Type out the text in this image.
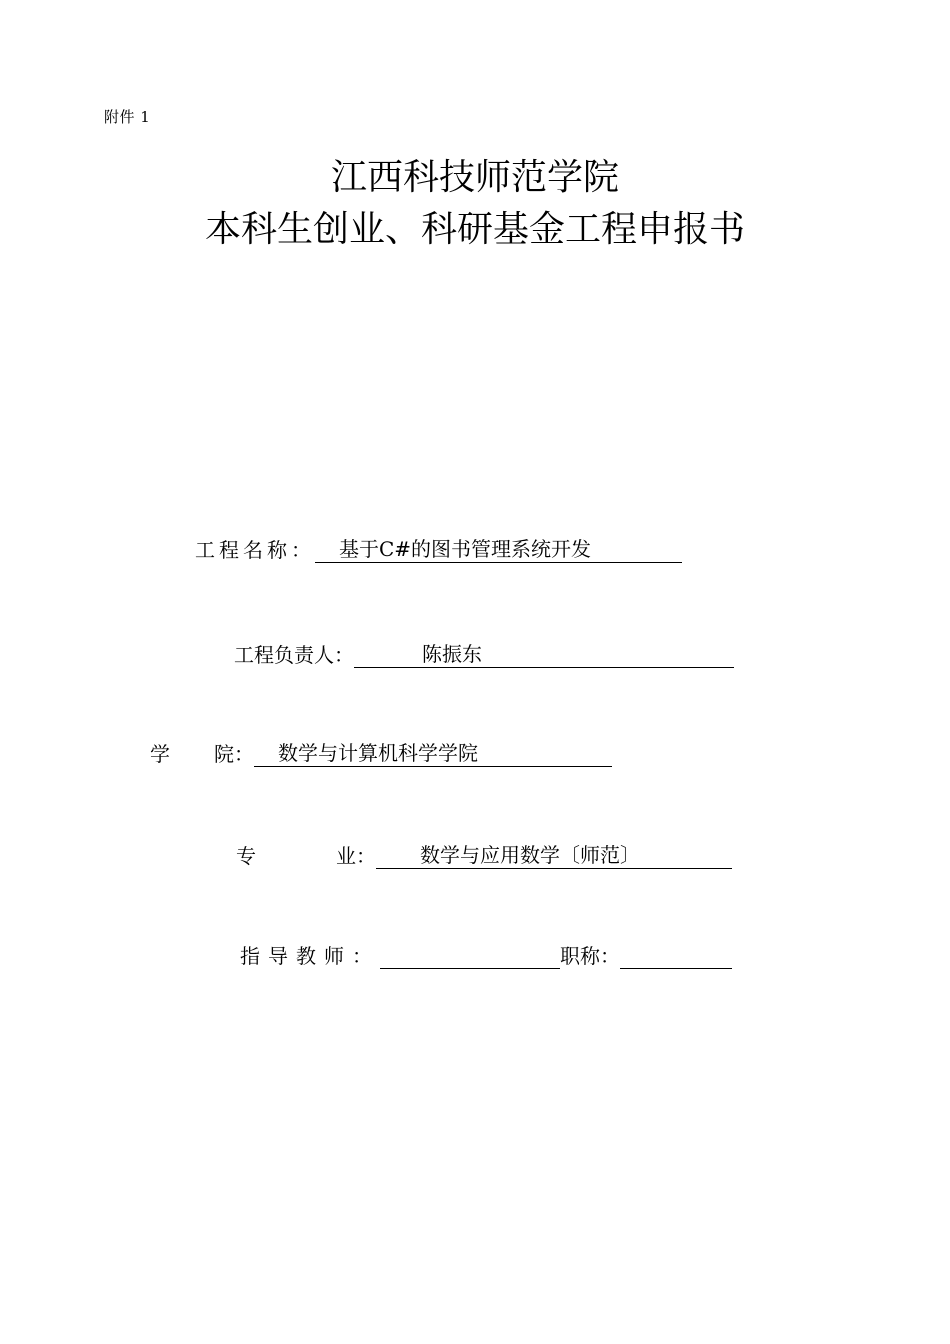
附件 1
江西科技师范学院
本科生创业、科研基金工程申报书
工程名称：	基于C#的图书管理系统开发
工程负责人：	陈振东
学 院：	数学与计算机科学学院
专	业：	数学与应用数学〔师范〕
指导教师：	职称：
